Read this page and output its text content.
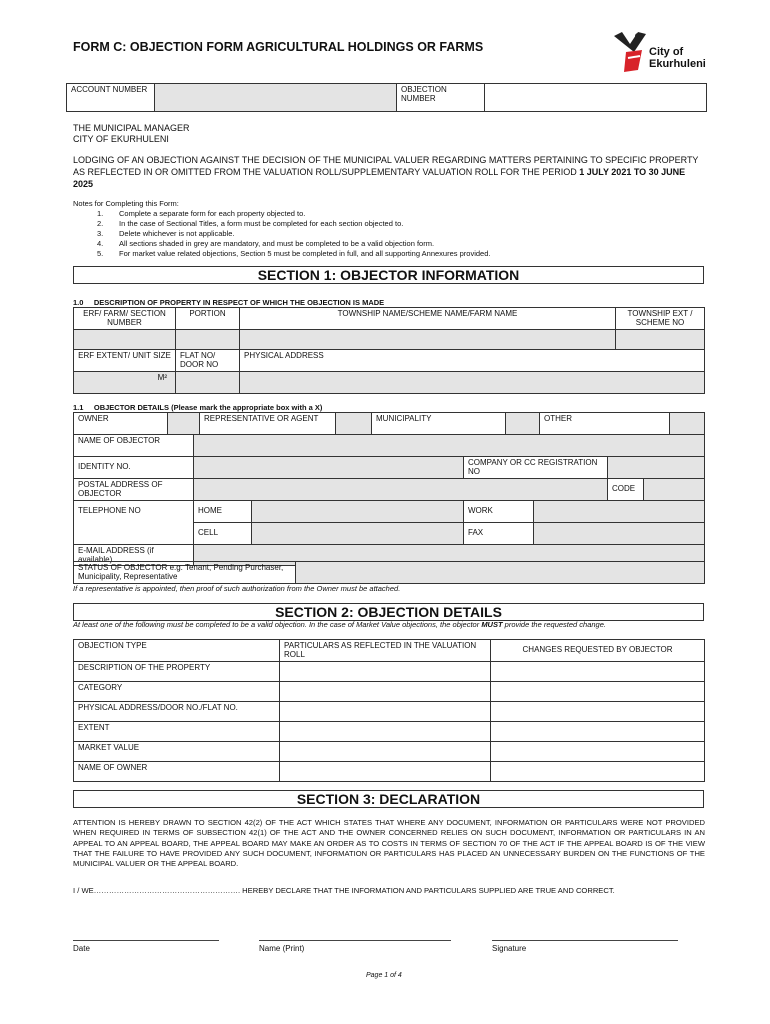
FORM C: OBJECTION FORM AGRICULTURAL HOLDINGS OR FARMS	City of
Ekurhuleni
ACCOUNT NUMBER		OBJECTION NUMBER	
THE MUNICIPAL MANAGER
CITY OF EKURHULENI
LODGING OF AN OBJECTION AGAINST THE DECISION OF THE MUNICIPAL VALUER REGARDING MATTERS PERTAINING TO SPECIFIC PROPERTY AS REFLECTED IN OR OMITTED FROM THE VALUATION ROLL/SUPPLEMENTARY VALUATION ROLL FOR THE PERIOD 1 JULY 2021 TO 30 JUNE 2025
Notes for Completing this Form:
1.	Complete a separate form for each property objected to.
2.	In the case of Sectional Titles, a form must be completed for each section objected to.
3.	Delete whichever is not applicable.
4.	All sections shaded in grey are mandatory, and must be completed to be a valid objection form.
5.	For market value related objections, Section 5 must be completed in full, and all supporting Annexures provided.
SECTION 1: OBJECTOR INFORMATION
1.0 DESCRIPTION OF PROPERTY IN RESPECT OF WHICH THE OBJECTION IS MADE
ERF/ FARM/ SECTION NUMBER	PORTION	TOWNSHIP NAME/SCHEME NAME/FARM NAME	TOWNSHIP EXT / SCHEME NO

ERF EXTENT/ UNIT SIZE	FLAT NO/ DOOR NO	PHYSICAL ADDRESS	
M²			
1.1 OBJECTOR DETAILS (Please mark the appropriate box with a X)
OWNER		REPRESENTATIVE OR AGENT		MUNICIPALITY		OTHER	
NAME OF OBJECTOR						
IDENTITY NO.			COMPANY OR CC REGISTRATION NO			
POSTAL ADDRESS OF OBJECTOR					CODE	
TELEPHONE NO	HOME		WORK			
	CELL		FAX			
E-MAIL ADDRESS (if available)						
STATUS OF OBJECTOR e.g. Tenant, Pending Purchaser, Municipality, Representative	
If a representative is appointed, then proof of such authorization from the Owner must be attached.
SECTION 2: OBJECTION DETAILS
At least one of the following must be completed to be a valid objection. In the case of Market Value objections, the objector MUST provide the requested change.
OBJECTION TYPE	PARTICULARS AS REFLECTED IN THE VALUATION ROLL	CHANGES REQUESTED BY OBJECTOR
DESCRIPTION OF THE PROPERTY		
CATEGORY		
PHYSICAL ADDRESS/DOOR NO./FLAT NO.		
EXTENT		
MARKET VALUE		
NAME OF OWNER		
SECTION 3: DECLARATION
ATTENTION IS HEREBY DRAWN TO SECTION 42(2) OF THE ACT WHICH STATES THAT WHERE ANY DOCUMENT, INFORMATION OR PARTICULARS WERE NOT PROVIDED WHEN REQUIRED IN TERMS OF SUBSECTION 42(1) OF THE ACT AND THE OWNER CONCERNED RELIES ON SUCH DOCUMENT, INFORMATION OR PARTICULARS IN AN APPEAL TO AN APPEAL BOARD, THE APPEAL BOARD MAY MAKE AN ORDER AS TO COSTS IN TERMS OF SECTION 70 OF THE ACT IF THE APPEAL BOARD IS OF THE VIEW THAT THE FAILURE TO HAVE PROVIDED ANY SUCH DOCUMENT, INFORMATION OR PARTICULARS HAS PLACED AN UNNECESSARY BURDEN ON THE FUNCTIONS OF THE MUNICIPAL VALUER OR THE APPEAL BOARD.
I / WE…………………………………………………. HEREBY DECLARE THAT THE INFORMATION AND PARTICULARS SUPPLIED ARE TRUE AND CORRECT.
Date	Name (Print)	Signature
Page 1 of 4
